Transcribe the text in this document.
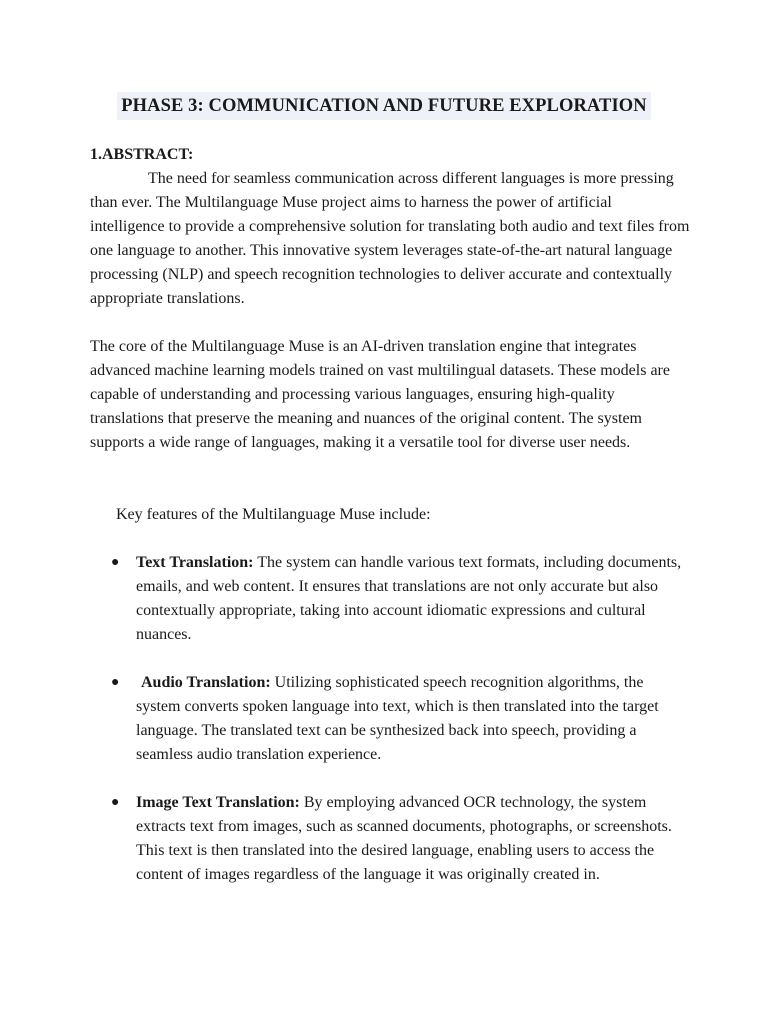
PHASE 3: COMMUNICATION AND FUTURE EXPLORATION
1.ABSTRACT:

The need for seamless communication across different languages is more pressing than ever. The Multilanguage Muse project aims to harness the power of artificial intelligence to provide a comprehensive solution for translating both audio and text files from one language to another. This innovative system leverages state-of-the-art natural language processing (NLP) and speech recognition technologies to deliver accurate and contextually appropriate translations.

The core of the Multilanguage Muse is an AI-driven translation engine that integrates advanced machine learning models trained on vast multilingual datasets. These models are capable of understanding and processing various languages, ensuring high-quality translations that preserve the meaning and nuances of the original content. The system supports a wide range of languages, making it a versatile tool for diverse user needs.

Key features of the Multilanguage Muse include:

● Text Translation: The system can handle various text formats, including documents, emails, and web content. It ensures that translations are not only accurate but also contextually appropriate, taking into account idiomatic expressions and cultural nuances.
●	Audio Translation: Utilizing sophisticated speech recognition algorithms, the system converts spoken language into text, which is then translated into the target language. The translated text can be synthesized back into speech, providing a seamless audio translation experience.
● Image Text Translation: By employing advanced OCR technology, the system extracts text from images, such as scanned documents, photographs, or screenshots. This text is then translated into the desired language, enabling users to access the content of images regardless of the language it was originally created in.
